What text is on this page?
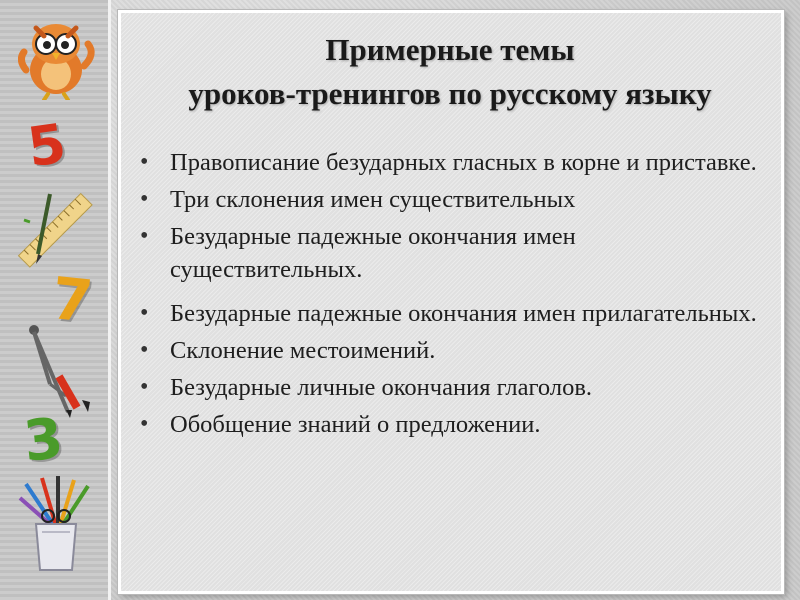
5
7
3
Примерные темы
уроков-тренингов по русскому языку
• Правописание безударных гласных в корне и приставке.
• Три склонения имен существительных
• Безударные падежные окончания имен существительных.
• Безударные падежные окончания имен прилагательных.
• Склонение местоимений.
• Безударные личные окончания глаголов.
• Обобщение знаний о предложении.
